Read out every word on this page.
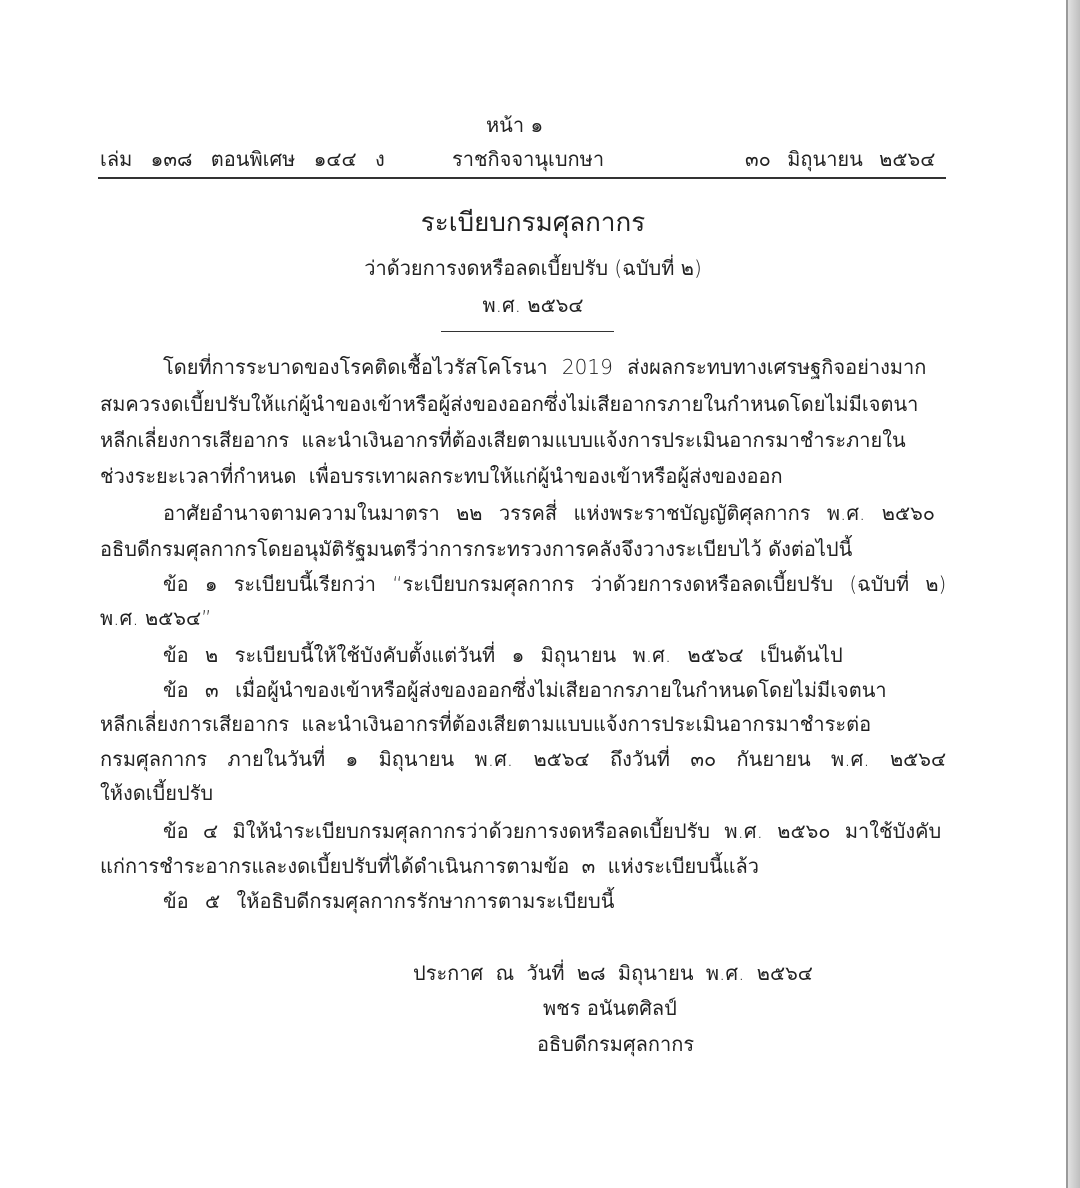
หน้า ๑
เล่ม ๑๓๘ ตอนพิเศษ ๑๔๔ ง	ราชกิจจานุเบกษา	๓๐ มิถุนายน ๒๕๖๔
ระเบียบกรมศุลกากร
ว่าด้วยการงดหรือลดเบี้ยปรับ (ฉบับที่ ๒)
พ.ศ. ๒๕๖๔
โดยที่การระบาดของโรคติดเชื้อไวรัสโคโรนา 2019 ส่งผลกระทบทางเศรษฐกิจอย่างมาก
สมควรงดเบี้ยปรับให้แก่ผู้นำของเข้าหรือผู้ส่งของออกซึ่งไม่เสียอากรภายในกำหนดโดยไม่มีเจตนา
หลีกเลี่ยงการเสียอากร และนำเงินอากรที่ต้องเสียตามแบบแจ้งการประเมินอากรมาชำระภายใน
ช่วงระยะเวลาที่กำหนด เพื่อบรรเทาผลกระทบให้แก่ผู้นำของเข้าหรือผู้ส่งของออก
อาศัยอำนาจตามความในมาตรา ๒๒ วรรคสี่ แห่งพระราชบัญญัติศุลกากร พ.ศ. ๒๕๖๐
อธิบดีกรมศุลกากรโดยอนุมัติรัฐมนตรีว่าการกระทรวงการคลังจึงวางระเบียบไว้ ดังต่อไปนี้
ข้อ ๑ ระเบียบนี้เรียกว่า “ระเบียบกรมศุลกากร ว่าด้วยการงดหรือลดเบี้ยปรับ (ฉบับที่ ๒)
พ.ศ. ๒๕๖๔”
ข้อ ๒ ระเบียบนี้ให้ใช้บังคับตั้งแต่วันที่ ๑ มิถุนายน พ.ศ. ๒๕๖๔ เป็นต้นไป
ข้อ ๓ เมื่อผู้นำของเข้าหรือผู้ส่งของออกซึ่งไม่เสียอากรภายในกำหนดโดยไม่มีเจตนา
หลีกเลี่ยงการเสียอากร และนำเงินอากรที่ต้องเสียตามแบบแจ้งการประเมินอากรมาชำระต่อ
กรมศุลกากร ภายในวันที่ ๑ มิถุนายน พ.ศ. ๒๕๖๔ ถึงวันที่ ๓๐ กันยายน พ.ศ. ๒๕๖๔
ให้งดเบี้ยปรับ
ข้อ ๔ มิให้นำระเบียบกรมศุลกากรว่าด้วยการงดหรือลดเบี้ยปรับ พ.ศ. ๒๕๖๐ มาใช้บังคับ
แก่การชำระอากรและงดเบี้ยปรับที่ได้ดำเนินการตามข้อ ๓ แห่งระเบียบนี้แล้ว
ข้อ ๕ ให้อธิบดีกรมศุลกากรรักษาการตามระเบียบนี้
ประกาศ ณ วันที่ ๒๘ มิถุนายน พ.ศ. ๒๕๖๔
พชร อนันตศิลป์
อธิบดีกรมศุลกากร
